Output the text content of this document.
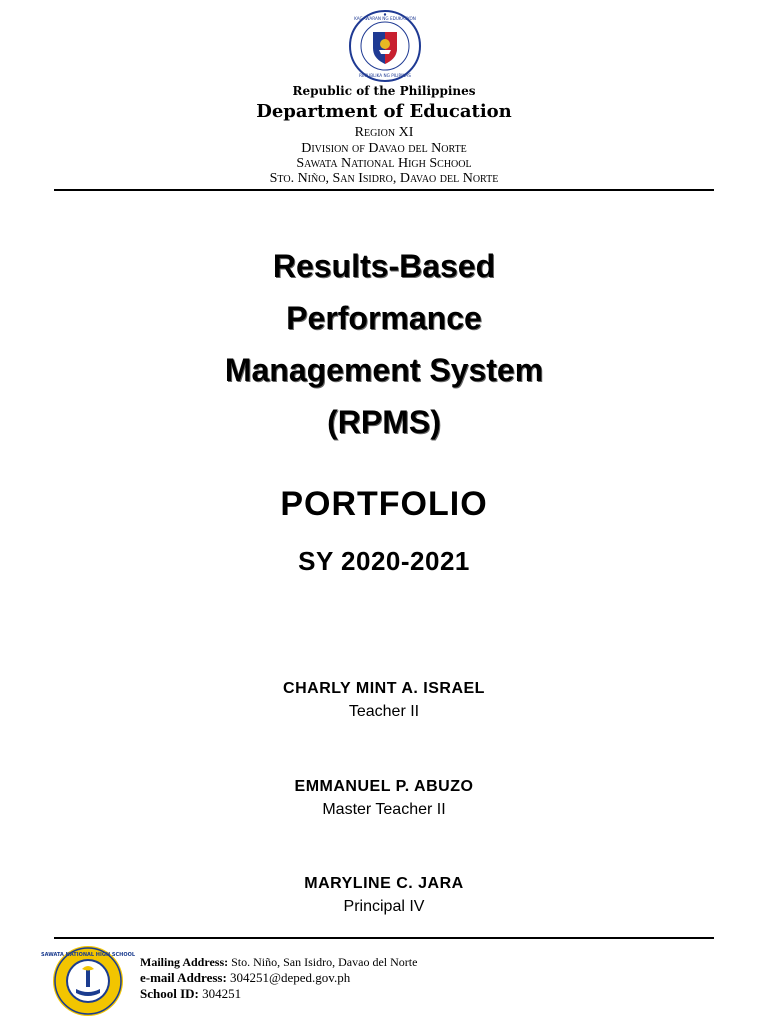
KAGAWARAN NG EDUKASYON
REPUBLIKA NG PILIPINAS
Republic of the Philippines
Department of Education
Region XI
Division of Davao del Norte
Sawata National High School
Sto. Niño, San Isidro, Davao del Norte
Results-Based
Performance
Management System
(RPMS)
PORTFOLIO
SY 2020-2021
CHARLY MINT A. ISRAEL
Teacher II
EMMANUEL P. ABUZO
Master Teacher II
MARYLINE C. JARA
Principal IV
SAWATA NATIONAL HIGH SCHOOL Mailing Address: Sto. Niño, San Isidro, Davao del Norte
e-mail Address: 304251@deped.gov.ph
School ID: 304251
